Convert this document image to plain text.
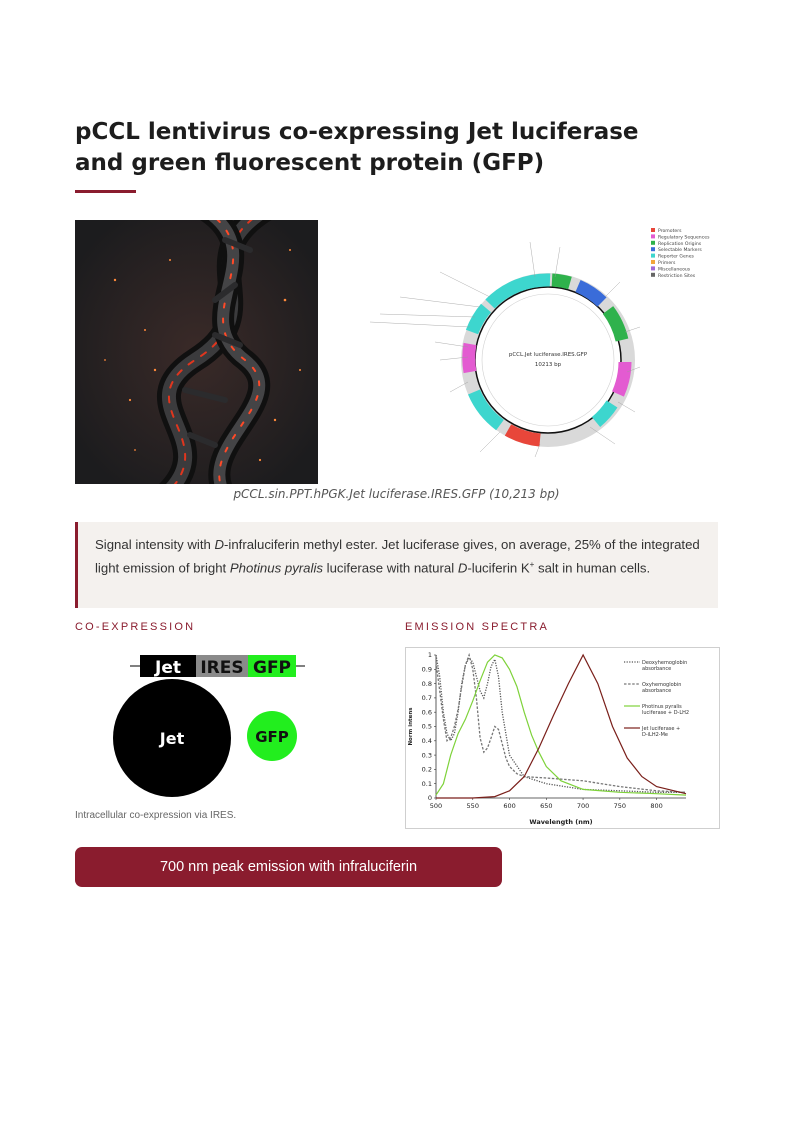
pCCL lentivirus co-expressing Jet luciferase
and green fluorescent protein (GFP)
Promoters
Regulatory Sequences
Replication Origins
Selectable Markers
Reporter Genes
Primers
Miscellaneous
Restriction Sites
pCCL.Jet luciferase.IRES.GFP
10213 bp
pCCL.sin.PPT.hPGK.Jet luciferase.IRES.GFP (10,213 bp)
Signal intensity with D-infraluciferin methyl ester. Jet luciferase gives, on average, 25% of the integrated light emission of bright Photinus pyralis luciferase with natural D-luciferin K+ salt in human cells.
CO-EXPRESSION	EMISSION SPECTRA
Jet IRES GFP
Jet	GFP
Intracellular co-expression via IRES.
0
0.1
0.2
0.3
0.4
0.5
0.6
0.7
0.8
0.9
1
500	550	600	650	700	750	800
Wavelength (nm)
Norm intens
Deoxyhemoglobin absorbance
Oxyhemoglobin absorbance
Photinus pyralis luciferase + D-LH2
Jet luciferase + D-iLH2-Me
700 nm peak emission with infraluciferin
